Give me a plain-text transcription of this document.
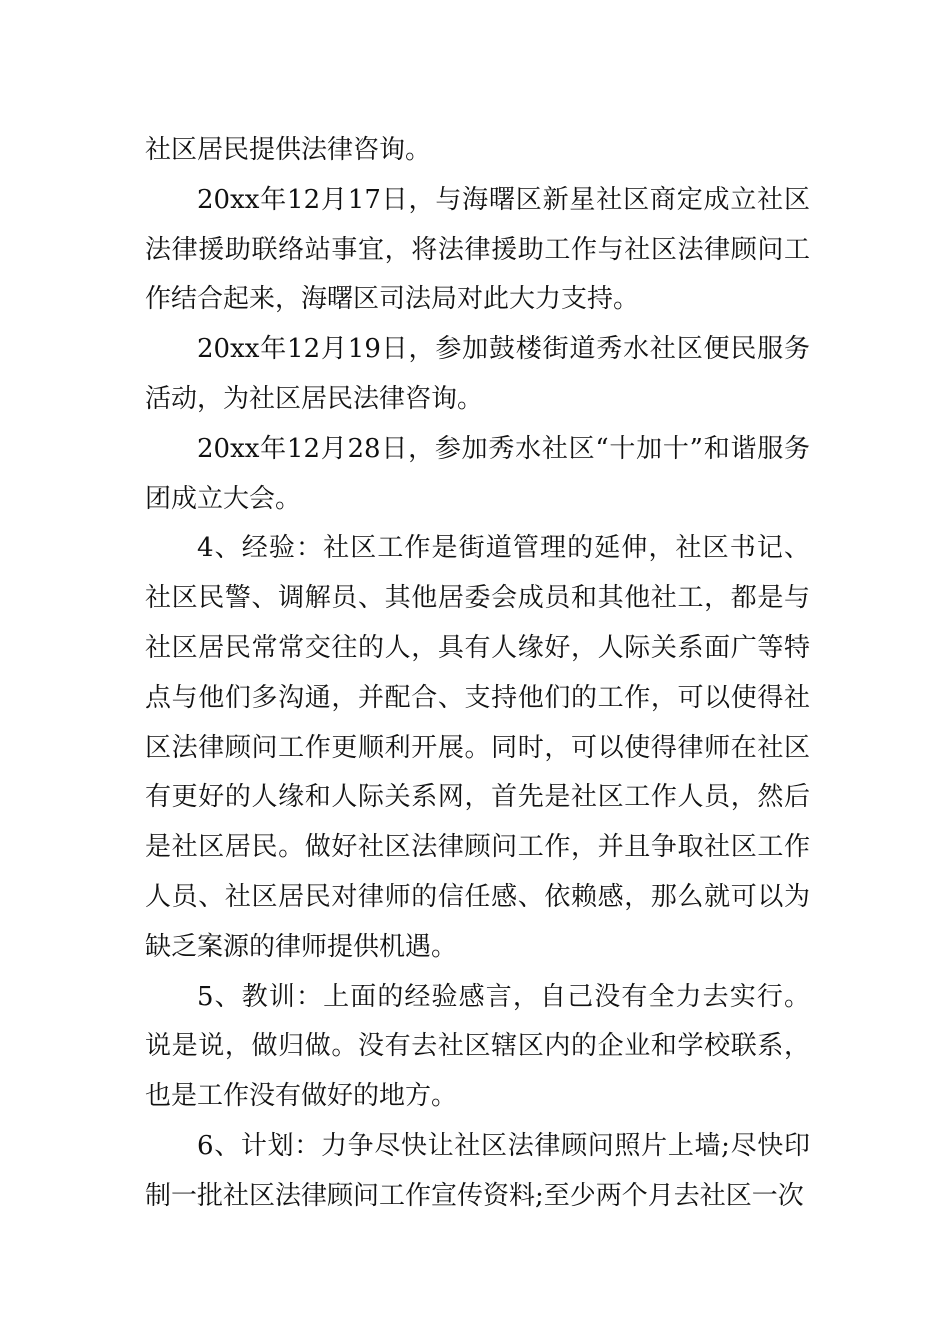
社区居民提供法律咨询。

20xx年12月17日，与海曙区新星社区商定成立社区法律援助联络站事宜，将法律援助工作与社区法律顾问工作结合起来，海曙区司法局对此大力支持。

20xx年12月19日，参加鼓楼街道秀水社区便民服务活动，为社区居民法律咨询。

20xx年12月28日，参加秀水社区“十加十”和谐服务团成立大会。

4、经验：社区工作是街道管理的延伸，社区书记、社区民警、调解员、其他居委会成员和其他社工，都是与社区居民常常交往的人，具有人缘好，人际关系面广等特点与他们多沟通，并配合、支持他们的工作，可以使得社区法律顾问工作更顺利开展。同时，可以使得律师在社区有更好的人缘和人际关系网，首先是社区工作人员，然后是社区居民。做好社区法律顾问工作，并且争取社区工作人员、社区居民对律师的信任感、依赖感，那么就可以为缺乏案源的律师提供机遇。

5、教训：上面的经验感言，自己没有全力去实行。说是说，做归做。没有去社区辖区内的企业和学校联系，也是工作没有做好的地方。

6、计划：力争尽快让社区法律顾问照片上墙;尽快印制一批社区法律顾问工作宣传资料;至少两个月去社区一次
